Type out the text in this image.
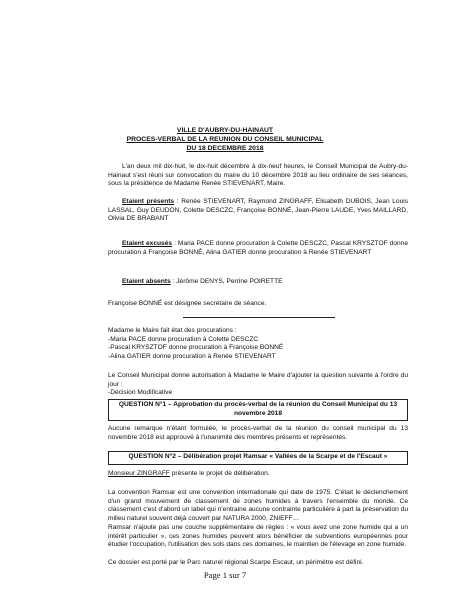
VILLE D'AUBRY-DU-HAINAUT
PROCES-VERBAL DE LA REUNION DU CONSEIL MUNICIPAL
DU 18 DECEMBRE 2018
L'an deux mil dix-huit, le dix-huit décembre à dix-neuf heures, le Conseil Municipal de Aubry-du-Hainaut s'est réuni sur convocation du maire du 10 décembre 2018 au lieu ordinaire de ses séances, sous la présidence de Madame Renée STIEVENART, Maire.
Etaient présents : Renée STIEVENART, Raymond ZINGRAFF, Elisabeth DUBOIS, Jean Louis LASSAL, Guy DEUDON, Colette DESCZC, Françoise BONNÉ, Jean-Pierre LAUDE, Yves MAILLARD, Olivia DE BRABANT
Etaient excusés : Maria PACE donne procuration à Colette DESCZC, Pascal KRYSZTOF donne procuration à Françoise BONNÉ, Alina GATIER donne procuration à Renée STIEVENART
Etaient absents : Jérôme DENYS, Perrine POIRETTE
Françoise BONNÉ est désignée secrétaire de séance.
Madame le Maire fait état des procurations :
-Maria PACE donne procuration à Colette DESCZC
-Pascal KRYSZTOF donne procuration à Françoise BONNÉ
-Alina GATIER donne procuration à Renée STIEVENART
Le Conseil Municipal donne autorisation à Madame le Maire d'ajouter la question suivante à l'ordre du jour :
-Décision Modificative
QUESTION N°1 – Approbation du procès-verbal de la réunion du Conseil Municipal du 13 novembre 2018
Aucune remarque n'étant formulée, le procès-verbal de la réunion du conseil municipal du 13 novembre 2018 est approuvé à l'unanimité des membres présents et représentés.
QUESTION N°2 – Délibération projet Ramsar « Vallées de la Scarpe et de l'Escaut »
Monsieur ZINGRAFF présente le projet de délibération.
La convention Ramsar est une convention internationale qui date de 1975. C'était le déclenchement d'un grand mouvement de classement de zones humides à travers l'ensemble du monde. Ce classement c'est d'abord un label qui n'entraine aucune contrainte particulière à part la préservation du milieu naturel souvent déjà couvert par NATURA 2000, ZNIEFF…
Ramsar n'ajoute pas une couche supplémentaire de règles : « vous avez une zone humide qui a un intérêt particulier », ces zones humides peuvent alors bénéficier de subventions européennes pour étudier l'occupation, l'utilisation des sols dans ces domaines, le maintien de l'élevage en zone humide.
Ce dossier est porté par le Parc naturel régional Scarpe Escaut, un périmètre est défini.
Page 1 sur 7
